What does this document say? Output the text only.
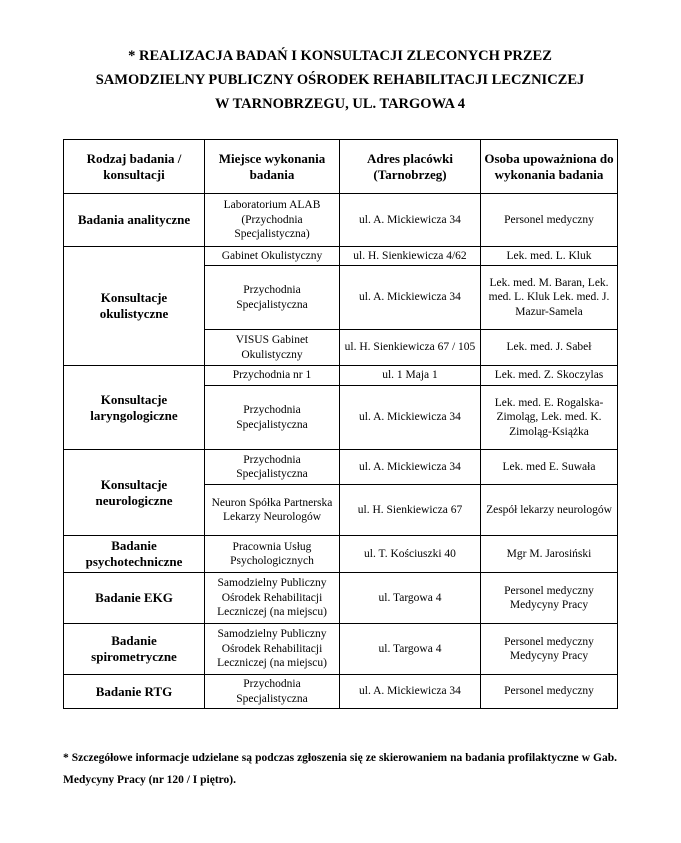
* REALIZACJA BADAŃ I KONSULTACJI ZLECONYCH PRZEZ
SAMODZIELNY PUBLICZNY OŚRODEK REHABILITACJI LECZNICZEJ
W TARNOBRZEGU, UL. TARGOWA 4
Rodzaj badania / konsultacji	Miejsce wykonania badania	Adres placówki (Tarnobrzeg)	Osoba upoważniona do wykonania badania
Badania analityczne	Laboratorium ALAB (Przychodnia Specjalistyczna)	ul. A. Mickiewicza 34	Personel medyczny
Konsultacje okulistyczne	Gabinet Okulistyczny	ul. H. Sienkiewicza 4/62	Lek. med. L. Kluk
	Przychodnia Specjalistyczna	ul. A. Mickiewicza 34	Lek. med. M. Baran, Lek. med. L. Kluk Lek. med. J. Mazur-Samela
	VISUS Gabinet Okulistyczny	ul. H. Sienkiewicza 67 / 105	Lek. med. J. Sabeł
Konsultacje laryngologiczne	Przychodnia nr 1	ul. 1 Maja 1	Lek. med. Z. Skoczylas
	Przychodnia Specjalistyczna	ul. A. Mickiewicza 34	Lek. med. E. Rogalska-Zimoląg, Lek. med. K. Zimoląg-Książka
Konsultacje neurologiczne	Przychodnia Specjalistyczna	ul. A. Mickiewicza 34	Lek. med E. Suwała
	Neuron Spółka Partnerska Lekarzy Neurologów	ul. H. Sienkiewicza 67	Zespół lekarzy neurologów
Badanie psychotechniczne	Pracownia Usług Psychologicznych	ul. T. Kościuszki 40	Mgr M. Jarosiński
Badanie EKG	Samodzielny Publiczny Ośrodek Rehabilitacji Leczniczej (na miejscu)	ul. Targowa 4	Personel medyczny Medycyny Pracy
Badanie spirometryczne	Samodzielny Publiczny Ośrodek Rehabilitacji Leczniczej (na miejscu)	ul. Targowa 4	Personel medyczny Medycyny Pracy
Badanie RTG	Przychodnia Specjalistyczna	ul. A. Mickiewicza 34	Personel medyczny
* Szczegółowe informacje udzielane są podczas zgłoszenia się ze skierowaniem na badania profilaktyczne w Gab. Medycyny Pracy (nr 120 / I piętro).
